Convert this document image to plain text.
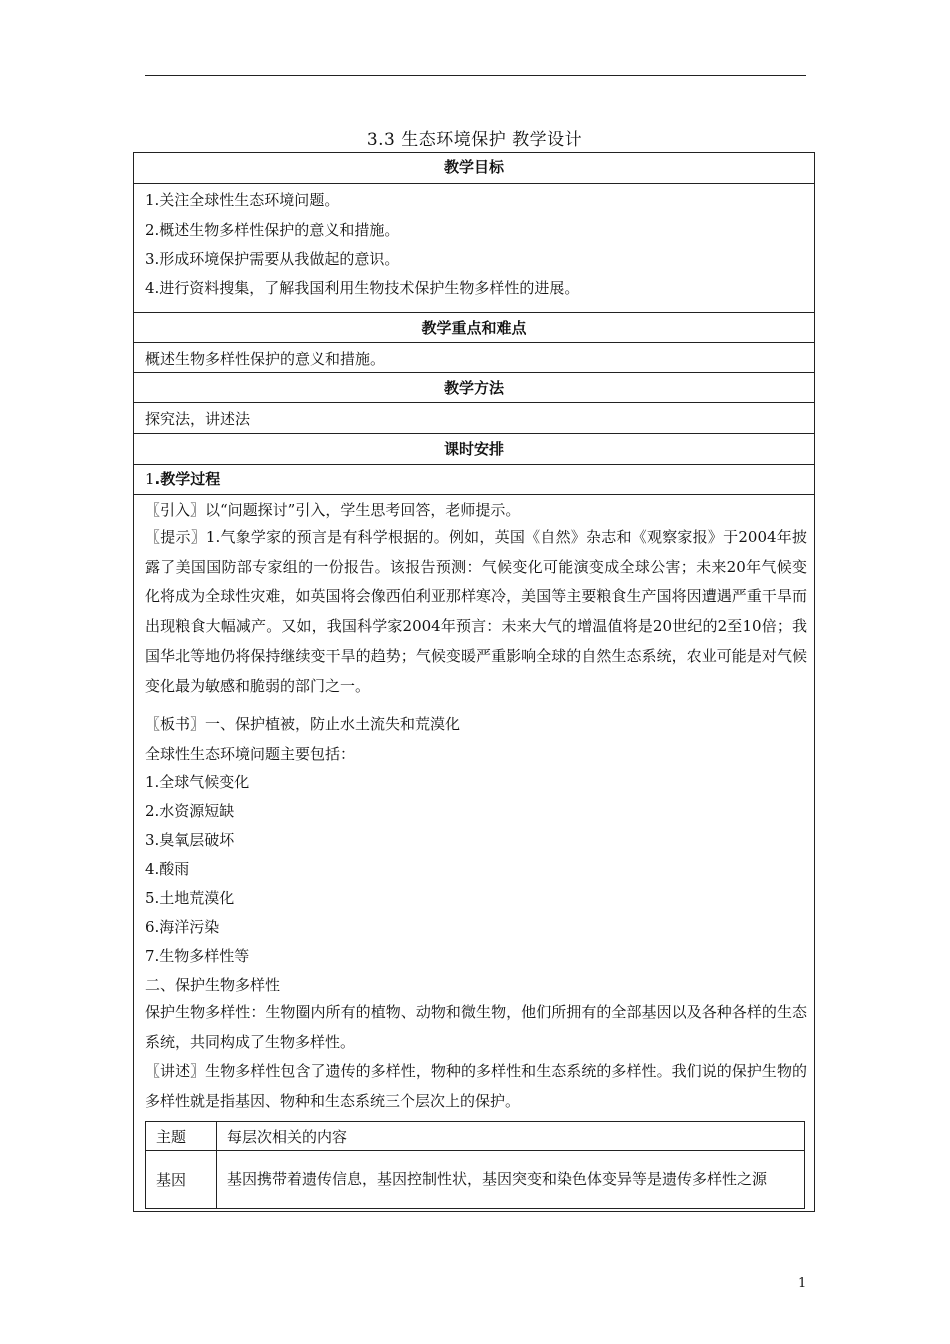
3.3 生态环境保护 教学设计
教学目标
1.关注全球性生态环境问题。
2.概述生物多样性保护的意义和措施。
3.形成环境保护需要从我做起的意识。
4.进行资料搜集，了解我国利用生物技术保护生物多样性的进展。
教学重点和难点
概述生物多样性保护的意义和措施。
教学方法
探究法，讲述法
课时安排
1.教学过程
〖引入〗以“问题探讨”引入，学生思考回答，老师提示。
〖提示〗1.气象学家的预言是有科学根据的。例如，英国《自然》杂志和《观察家报》于2004年披露了美国国防部专家组的一份报告。该报告预测：气候变化可能演变成全球公害；未来20年气候变化将成为全球性灾难，如英国将会像西伯利亚那样寒冷，美国等主要粮食生产国将因遭遇严重干旱而出现粮食大幅减产。又如，我国科学家2004年预言：未来大气的增温值将是20世纪的2至10倍；我国华北等地仍将保持继续变干旱的趋势；气候变暖严重影响全球的自然生态系统，农业可能是对气候变化最为敏感和脆弱的部门之一。
〖板书〗一、保护植被，防止水土流失和荒漠化
全球性生态环境问题主要包括：
1.全球气候变化
2.水资源短缺
3.臭氧层破坏
4.酸雨
5.土地荒漠化
6.海洋污染
7.生物多样性等
二、保护生物多样性
保护生物多样性：生物圈内所有的植物、动物和微生物，他们所拥有的全部基因以及各种各样的生态系统，共同构成了生物多样性。
〖讲述〗生物多样性包含了遗传的多样性，物种的多样性和生态系统的多样性。我们说的保护生物的多样性就是指基因、物种和生态系统三个层次上的保护。
主题	每层次相关的内容
基因	基因携带着遗传信息，基因控制性状，基因突变和染色体变异等是遗传多样性之源
1
